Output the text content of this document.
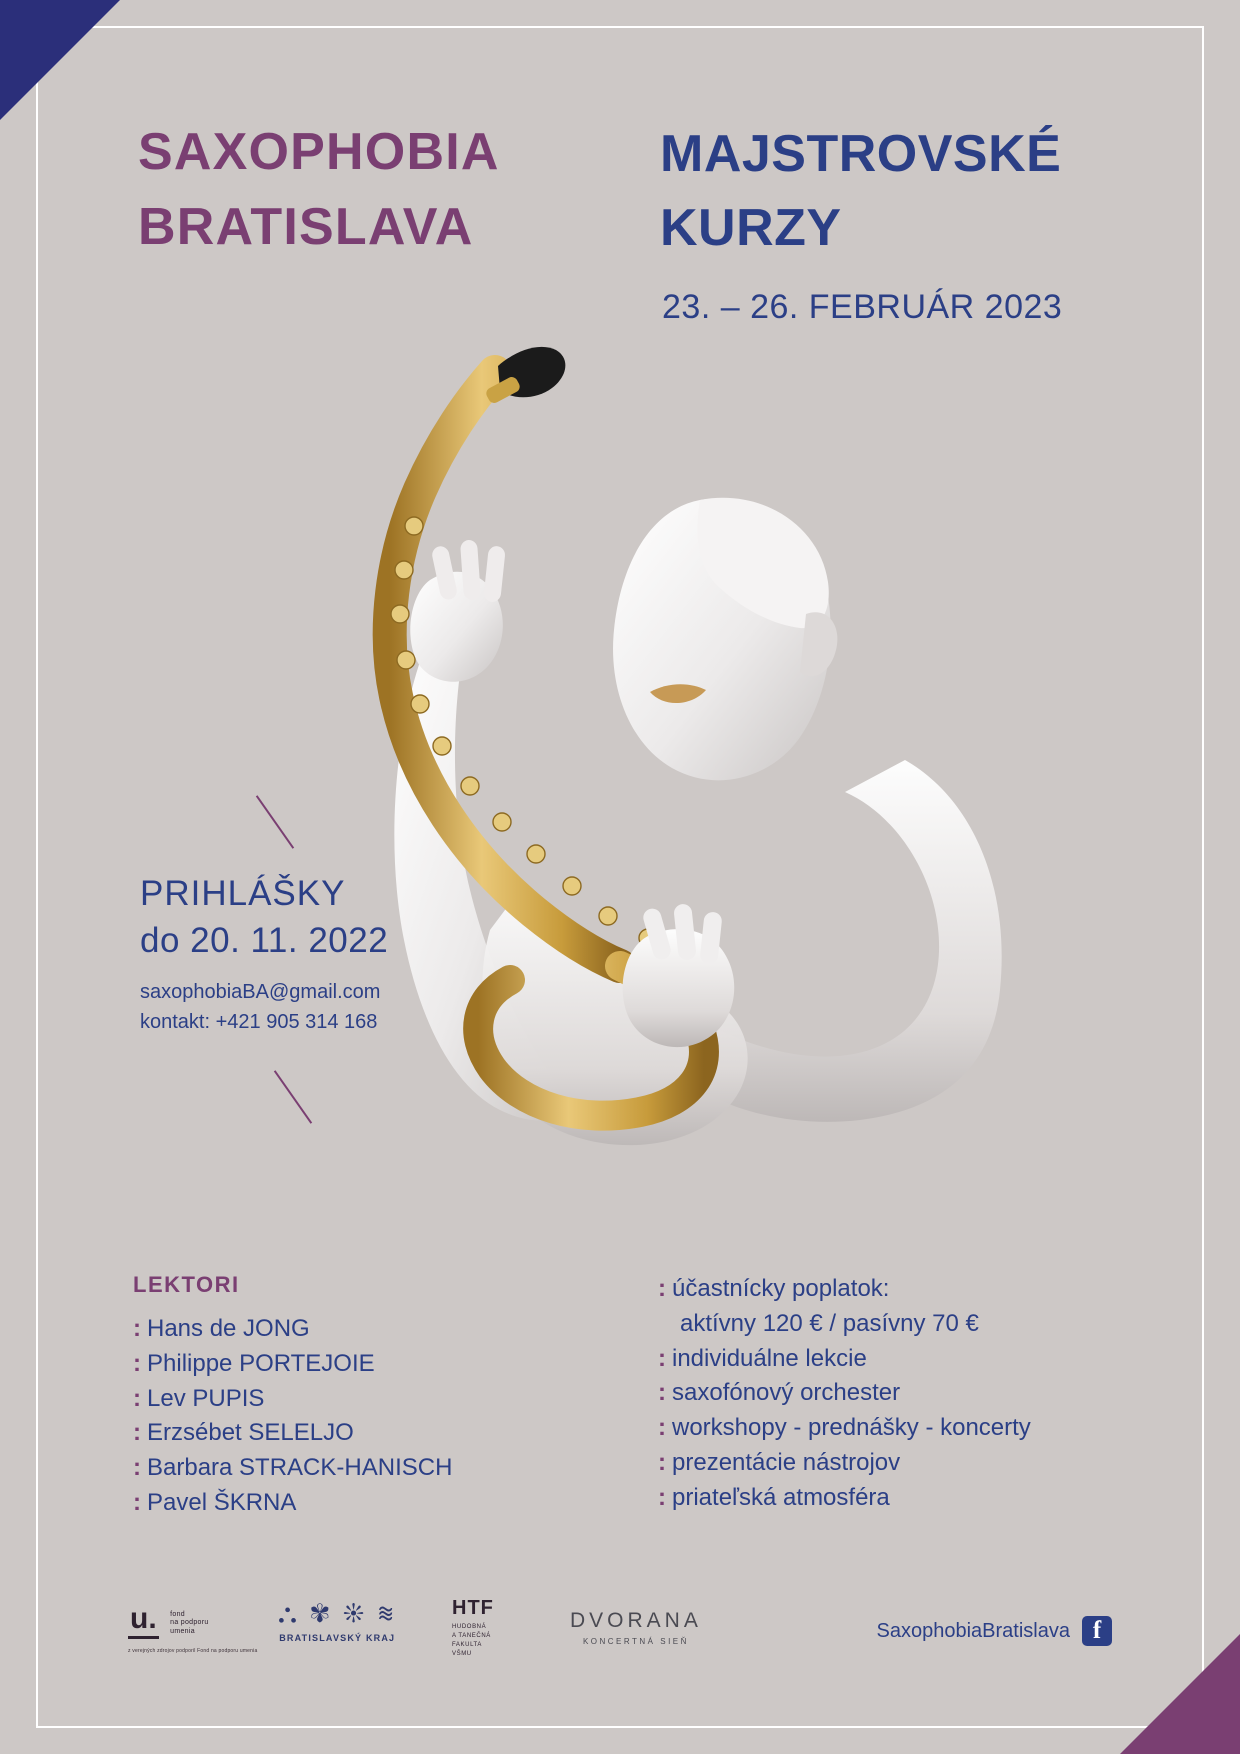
SAXOPHOBIA
BRATISLAVA
MAJSTROVSKÉ
KURZY
23. – 26. FEBRUÁR 2023
PRIHLÁŠKY
do 20. 11. 2022
saxophobiaBA@gmail.com
kontakt: +421 905 314 168
LEKTORI
: Hans de JONG
: Philippe PORTEJOIE
: Lev PUPIS
: Erzsébet SELELJO
: Barbara STRACK-HANISCH
: Pavel ŠKRNA
: účastnícky poplatok:
aktívny 120 € / pasívny 70 €
: individuálne lekcie
: saxofónový orchester
: workshopy - prednášky - koncerty
: prezentácie nástrojov
: priateľská atmosféra
u. fond
na podporu
umenia
z verejných zdrojov podporil Fond na podporu umenia
⛬ ✾ ❊ ≋
BRATISLAVSKÝ KRAJ
HTF
HUDOBNÁ
A TANEČNÁ
FAKULTA
VŠMU
DVORANA
KONCERTNÁ SIEŇ	SaxophobiaBratislava f
